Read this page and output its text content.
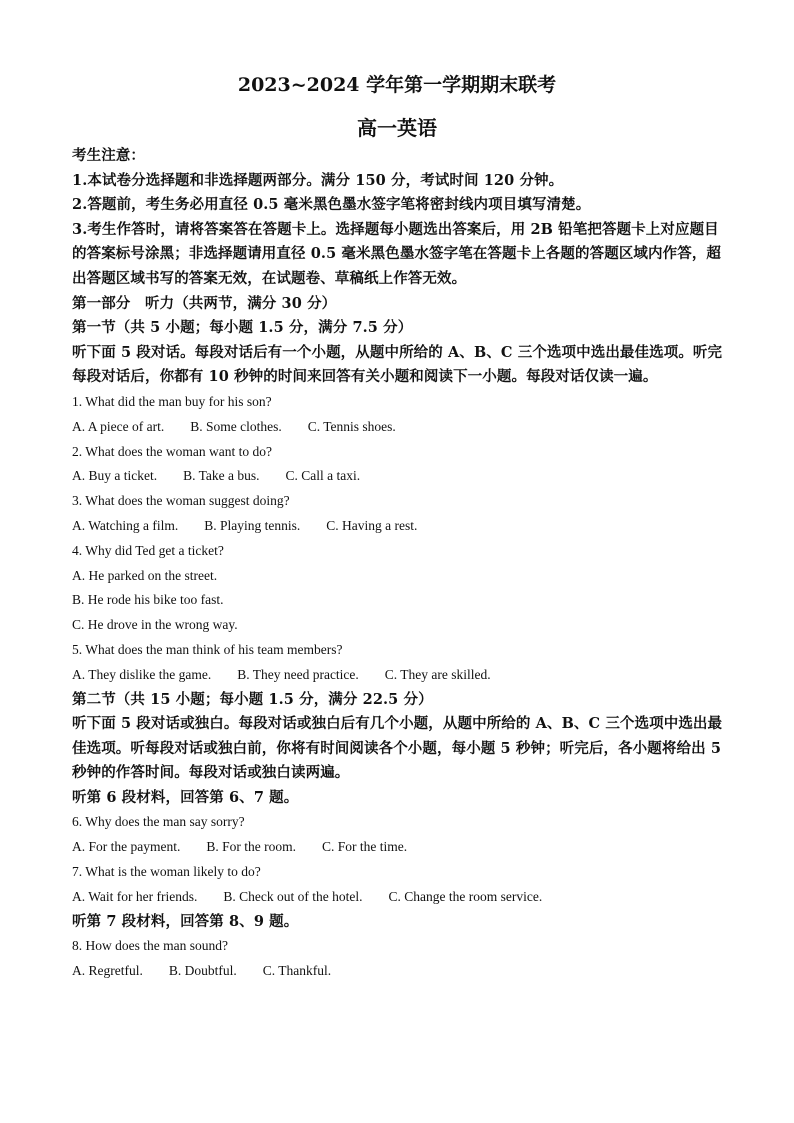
2023~2024 学年第一学期期末联考
高一英语

考生注意：

1.本试卷分选择题和非选择题两部分。满分 150 分，考试时间 120 分钟。

2.答题前，考生务必用直径 0.5 毫米黑色墨水签字笔将密封线内项目填写清楚。

3.考生作答时，请将答案答在答题卡上。选择题每小题选出答案后，用 2B 铅笔把答题卡上对应题目的答案标号涂黑；非选择题请用直径 0.5 毫米黑色墨水签字笔在答题卡上各题的答题区域内作答，超出答题区域书写的答案无效，在试题卷、草稿纸上作答无效。

第一部分　听力（共两节，满分 30 分）

第一节（共 5 小题；每小题 1.5 分，满分 7.5 分）

听下面 5 段对话。每段对话后有一个小题，从题中所给的 A、B、C 三个选项中选出最佳选项。听完每段对话后，你都有 10 秒钟的时间来回答有关小题和阅读下一小题。每段对话仅读一遍。

1. What did the man buy for his son?

A. A piece of art. B. Some clothes. C. Tennis shoes.

2. What does the woman want to do?

A. Buy a ticket. B. Take a bus. C. Call a taxi.

3. What does the woman suggest doing?

A. Watching a film. B. Playing tennis. C. Having a rest.

4. Why did Ted get a ticket?

A. He parked on the street.

B. He rode his bike too fast.

C. He drove in the wrong way.

5. What does the man think of his team members?

A. They dislike the game. B. They need practice. C. They are skilled.

第二节（共 15 小题；每小题 1.5 分，满分 22.5 分）

听下面 5 段对话或独白。每段对话或独白后有几个小题，从题中所给的 A、B、C 三个选项中选出最佳选项。听每段对话或独白前，你将有时间阅读各个小题，每小题 5 秒钟；听完后，各小题将给出 5 秒钟的作答时间。每段对话或独白读两遍。

听第 6 段材料，回答第 6、7 题。

6. Why does the man say sorry?

A. For the payment. B. For the room. C. For the time.

7. What is the woman likely to do?

A. Wait for her friends. B. Check out of the hotel. C. Change the room service.

听第 7 段材料，回答第 8、9 题。

8. How does the man sound?

A. Regretful. B. Doubtful. C. Thankful.
